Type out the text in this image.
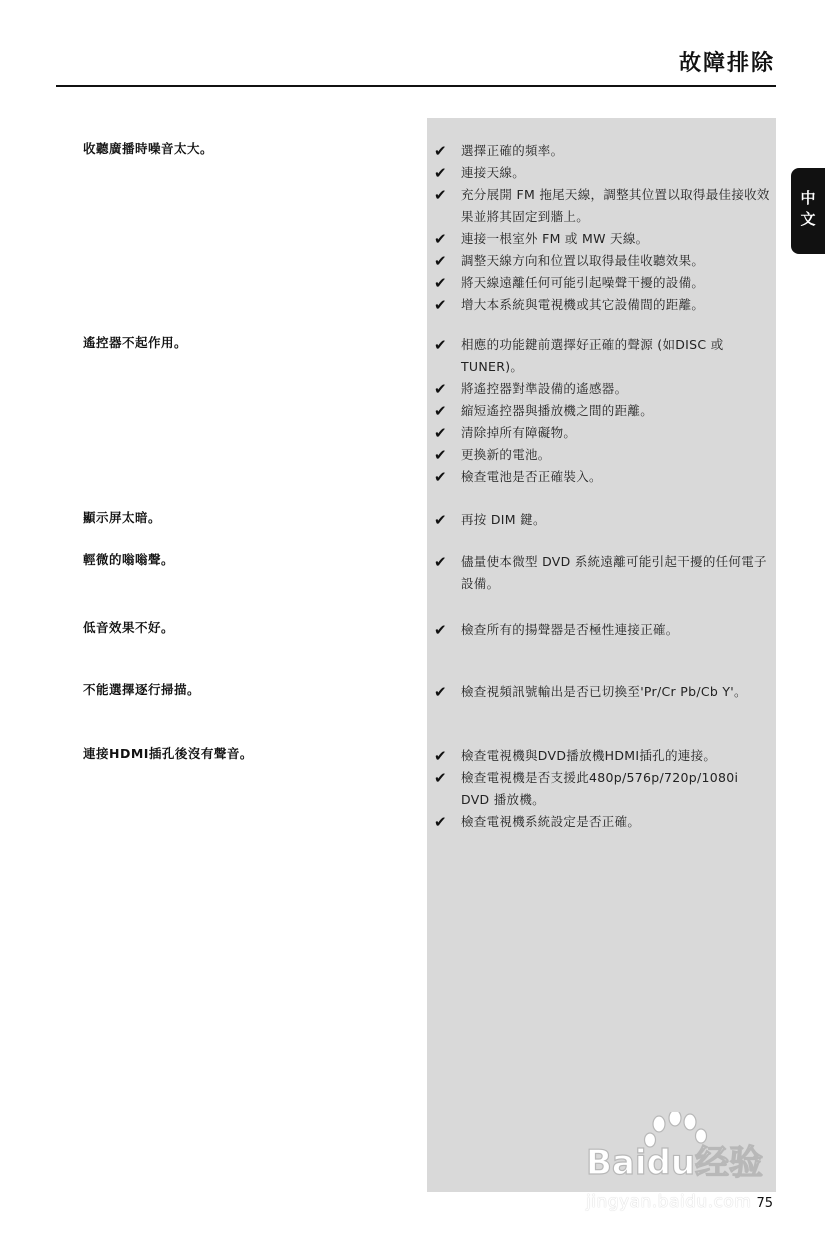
故障排除
中文
收聽廣播時噪音太大。	✔ 選擇正確的頻率。
✔ 連接天線。
✔ 充分展開 FM 拖尾天線，調整其位置以取得最佳接收效果並將其固定到牆上。
✔ 連接一根室外 FM 或 MW 天線。
✔ 調整天線方向和位置以取得最佳收聽效果。
✔ 將天線遠離任何可能引起噪聲干擾的設備。
✔ 增大本系統與電視機或其它設備間的距離。
遙控器不起作用。	✔ 相應的功能鍵前選擇好正確的聲源 (如DISC 或TUNER)。
✔ 將遙控器對準設備的遙感器。
✔ 縮短遙控器與播放機之間的距離。
✔ 清除掉所有障礙物。
✔ 更換新的電池。
✔ 檢查電池是否正確裝入。
顯示屏太暗。	✔ 再按 DIM 鍵。
輕微的嗡嗡聲。	✔ 儘量使本微型 DVD 系統遠離可能引起干擾的任何電子設備。
低音效果不好。	✔ 檢查所有的揚聲器是否極性連接正確。
不能選擇逐行掃描。	✔ 檢查視頻訊號輸出是否已切換至'Pr/Cr Pb/Cb Y'。
連接HDMI插孔後沒有聲音。	✔ 檢查電視機與DVD播放機HDMI插孔的連接。
✔ 檢查電視機是否支援此480p/576p/720p/1080i DVD 播放機。
✔ 檢查電視機系統設定是否正確。
Baidu经验
jingyan.baidu.com 75
